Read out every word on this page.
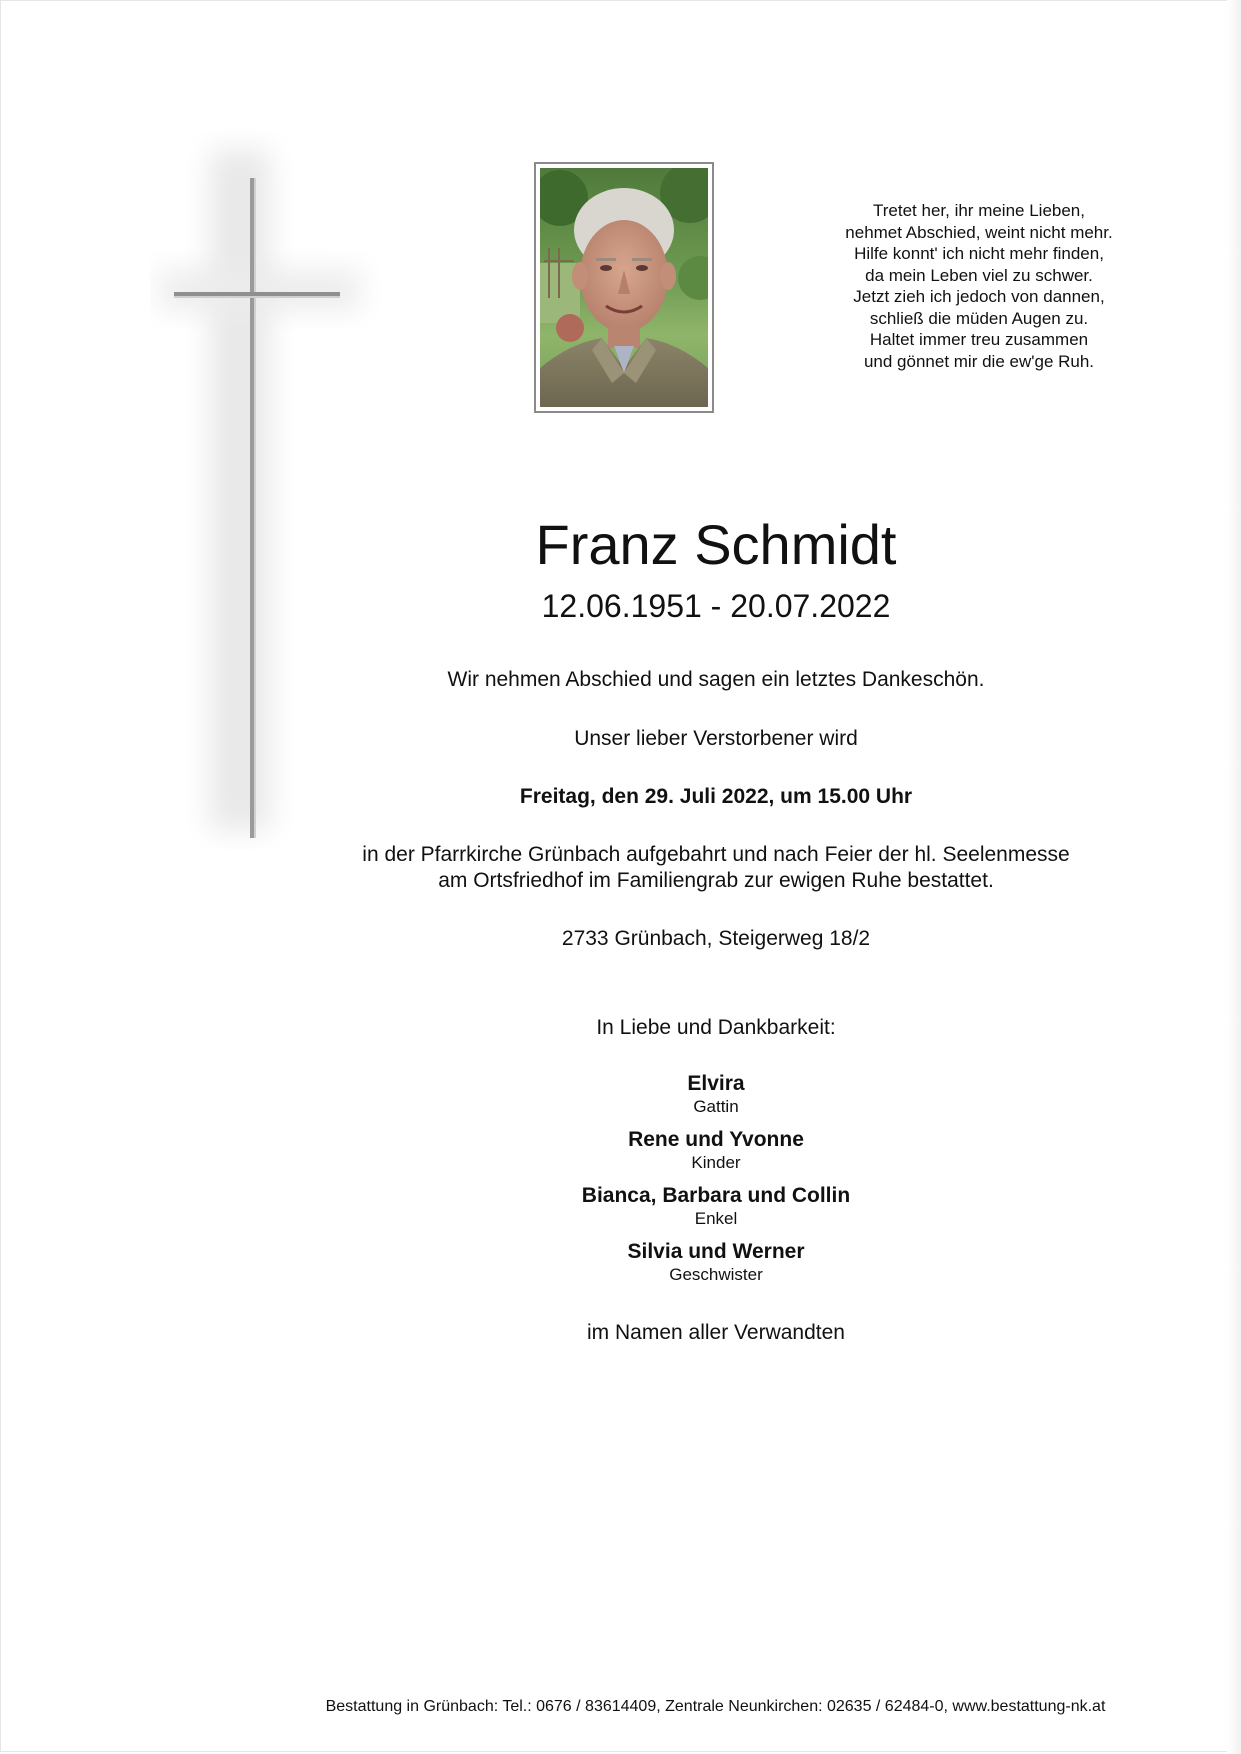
Tretet her, ihr meine Lieben,
nehmet Abschied, weint nicht mehr.
Hilfe konnt' ich nicht mehr finden,
da mein Leben viel zu schwer.
Jetzt zieh ich jedoch von dannen,
schließ die müden Augen zu.
Haltet immer treu zusammen
und gönnet mir die ew'ge Ruh.
Franz Schmidt
12.06.1951 - 20.07.2022
Wir nehmen Abschied und sagen ein letztes Dankeschön.
Unser lieber Verstorbener wird
Freitag, den 29. Juli 2022, um 15.00 Uhr
in der Pfarrkirche Grünbach aufgebahrt und nach Feier der hl. Seelenmesse
am Ortsfriedhof im Familiengrab zur ewigen Ruhe bestattet.
2733 Grünbach, Steigerweg 18/2
In Liebe und Dankbarkeit:
Elvira
Gattin
Rene und Yvonne
Kinder
Bianca, Barbara und Collin
Enkel
Silvia und Werner
Geschwister
im Namen aller Verwandten
Bestattung in Grünbach: Tel.: 0676 / 83614409, Zentrale Neunkirchen: 02635 / 62484-0, www.bestattung-nk.at
